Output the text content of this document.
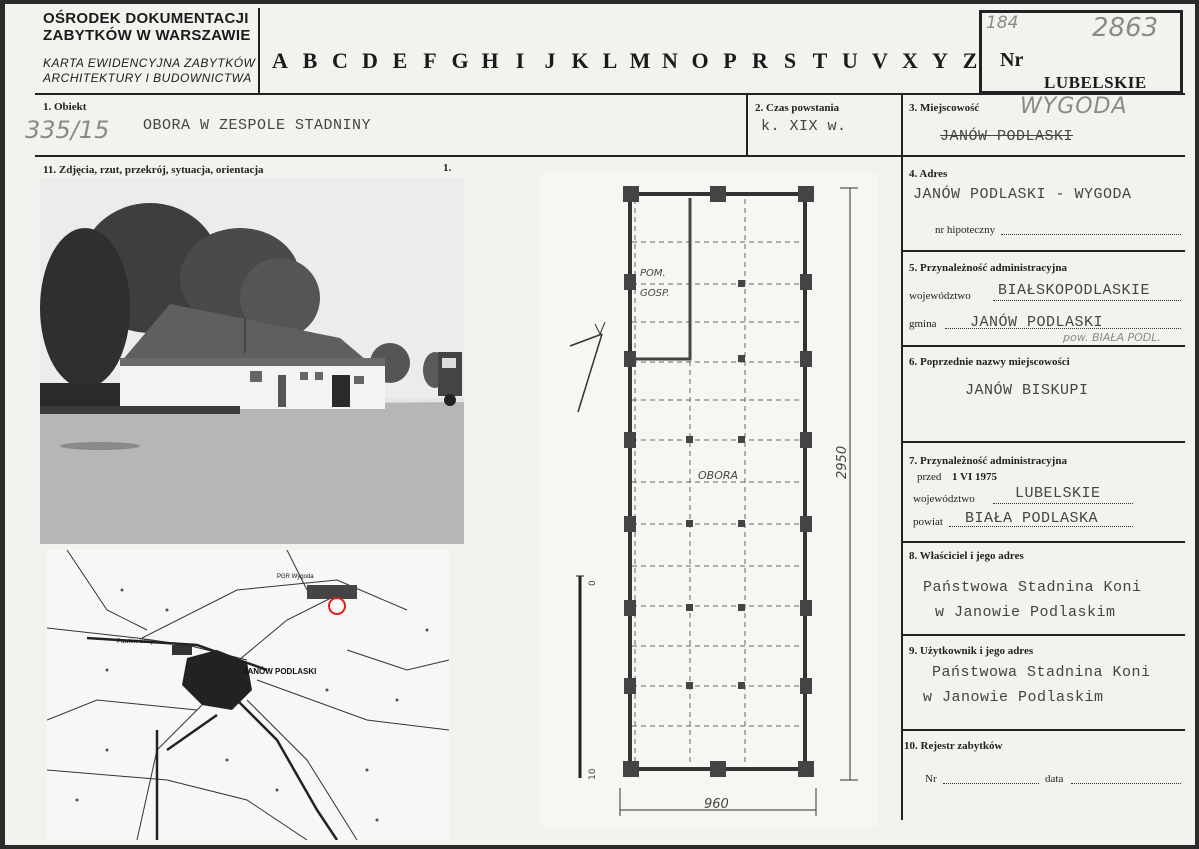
OŚRODEK DOKUMENTACJI
ZABYTKÓW W WARSZAWIE
KARTA EWIDENCYJNA ZABYTKÓW
ARCHITEKTURY I BUDOWNICTWA
A B C D E F G H I J K L M N O P R S T U V X Y Z
184	2863
Nr
LUBELSKIE
1. Obiekt
335/15 OBORA W ZESPOLE STADNINY
2. Czas powstania
k. XIX w.
3. Miejscowość WYGODA
JANÓW PODLASKI
11. Zdjęcia, rzut, przekrój, sytuacja, orientacja	1.
JANÓW PODLASKI
Pawłów Stary
PGR Wygoda
POM.
GOSP.
OBORA	2950
960
0
10
4. Adres
JANÓW PODLASKI - WYGODA
nr hipoteczny
5. Przynależność administracyjna
województwo BIAŁSKOPODLASKIE
gmina JANÓW PODLASKI
pow. BIAŁA PODL.
6. Poprzednie nazwy miejscowości
JANÓW BISKUPI
7. Przynależność administracyjna
przed 1 VI 1975
województwo	LUBELSKIE
powiat BIAŁA PODLASKA
8. Właściciel i jego adres
Państwowa Stadnina Koni
w Janowie Podlaskim
9. Użytkownik i jego adres
Państwowa Stadnina Koni
w Janowie Podlaskim
10. Rejestr zabytków
Nr	data
